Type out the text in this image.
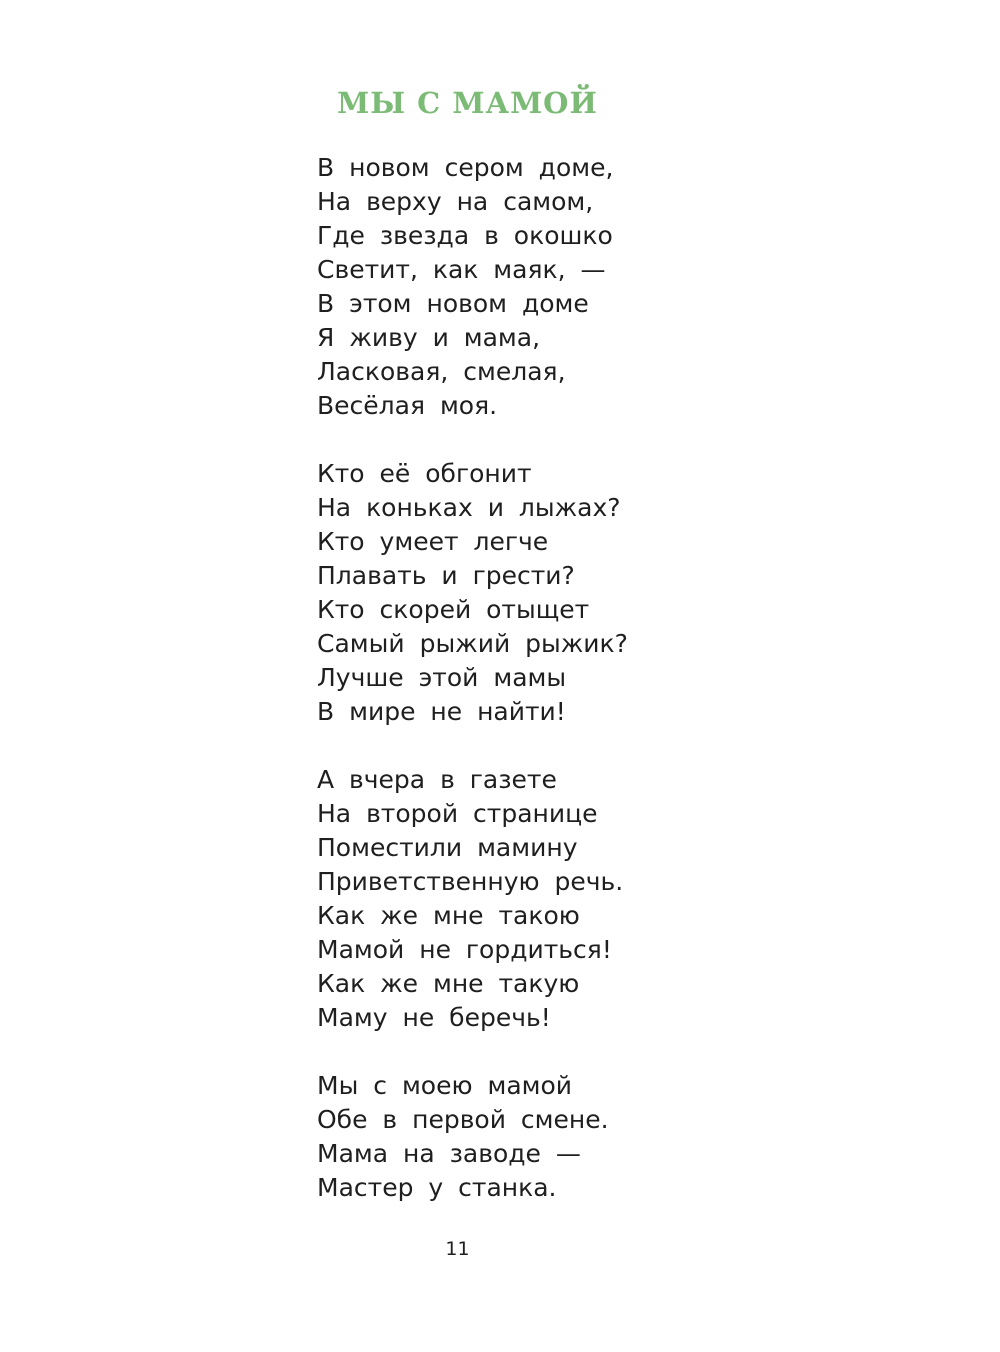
МЫ С МАМОЙ
В новом сером доме,
На верху на самом,
Где звезда в окошко
Светит, как маяк, —
В этом новом доме
Я живу и мама,
Ласковая, смелая,
Весёлая моя.
Кто её обгонит
На коньках и лыжах?
Кто умеет легче
Плавать и грести?
Кто скорей отыщет
Самый рыжий рыжик?
Лучше этой мамы
В мире не найти!
А вчера в газете
На второй странице
Поместили мамину
Приветственную речь.
Как же мне такою
Мамой не гордиться!
Как же мне такую
Маму не беречь!
Мы с моею мамой
Обе в первой смене.
Мама на заводе —
Мастер у станка.
11
